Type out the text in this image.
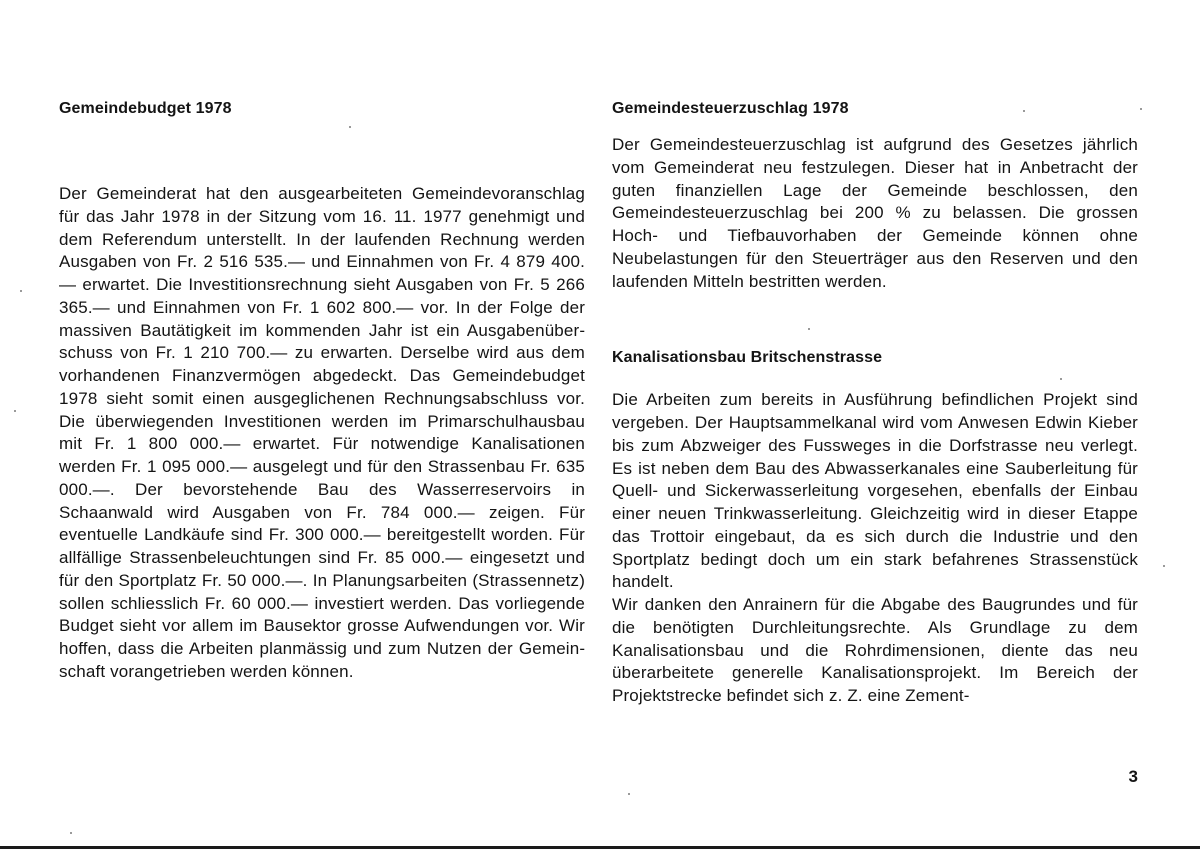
Gemeindebudget 1978

Der Gemeinderat hat den ausgearbeiteten Gemeindevoranschlag für das Jahr 1978 in der Sitzung vom 16. 11. 1977 genehmigt und dem Referendum unterstellt. In der laufenden Rechnung werden Ausgaben von Fr. 2 516 535.— und Einnahmen von Fr. 4 879 400.— erwartet. Die Investitionsrechnung sieht Ausgaben von Fr. 5 266 365.— und Einnahmen von Fr. 1 602 800.— vor. In der Folge der massiven Bautätigkeit im kommenden Jahr ist ein Ausgabenüberschuss von Fr. 1 210 700.— zu erwarten. Derselbe wird aus dem vorhandenen Finanzvermögen abgedeckt. Das Gemeindebudget 1978 sieht somit einen ausgeglichenen Rechnungsabschluss vor. Die überwiegenden Investitionen werden im Primarschulhausbau mit Fr. 1 800 000.— erwartet. Für notwendige Kanalisationen werden Fr. 1 095 000.— ausgelegt und für den Strassenbau Fr. 635 000.—. Der bevorstehende Bau des Wasserreservoirs in Schaanwald wird Ausgaben von Fr. 784 000.— zeigen. Für eventuelle Landkäufe sind Fr. 300 000.— bereitgestellt worden. Für allfällige Strassenbeleuchtungen sind Fr. 85 000.— eingesetzt und für den Sportplatz Fr. 50 000.—. In Planungsarbeiten (Strassennetz) sollen schliesslich Fr. 60 000.— investiert werden. Das vorliegende Budget sieht vor allem im Bausektor grosse Aufwendungen vor. Wir hoffen, dass die Arbeiten planmässig und zum Nutzen der Gemeinschaft vorangetrieben werden können.

Gemeindesteuerzuschlag 1978

Der Gemeindesteuerzuschlag ist aufgrund des Gesetzes jährlich vom Gemeinderat neu festzulegen. Dieser hat in Anbetracht der guten finanziellen Lage der Gemeinde beschlossen, den Gemeindesteuerzuschlag bei 200 % zu belassen. Die grossen Hoch- und Tiefbauvorhaben der Gemeinde können ohne Neubelastungen für den Steuerträger aus den Reserven und den laufenden Mitteln bestritten werden.

Kanalisationsbau Britschenstrasse

Die Arbeiten zum bereits in Ausführung befindlichen Projekt sind vergeben. Der Hauptsammelkanal wird vom Anwesen Edwin Kieber bis zum Abzweiger des Fussweges in die Dorfstrasse neu verlegt. Es ist neben dem Bau des Abwasserkanales eine Sauberleitung für Quell- und Sickerwasserleitung vorgesehen, ebenfalls der Einbau einer neuen Trinkwasserleitung. Gleichzeitig wird in dieser Etappe das Trottoir eingebaut, da es sich durch die Industrie und den Sportplatz bedingt doch um ein stark befahrenes Strassenstück handelt.

Wir danken den Anrainern für die Abgabe des Baugrundes und für die benötigten Durchleitungsrechte. Als Grundlage zu dem Kanalisationsbau und die Rohrdimensionen, diente das neu überarbeitete generelle Kanalisationsprojekt. Im Bereich der Projektstrecke befindet sich z. Z. eine Zement-

3
